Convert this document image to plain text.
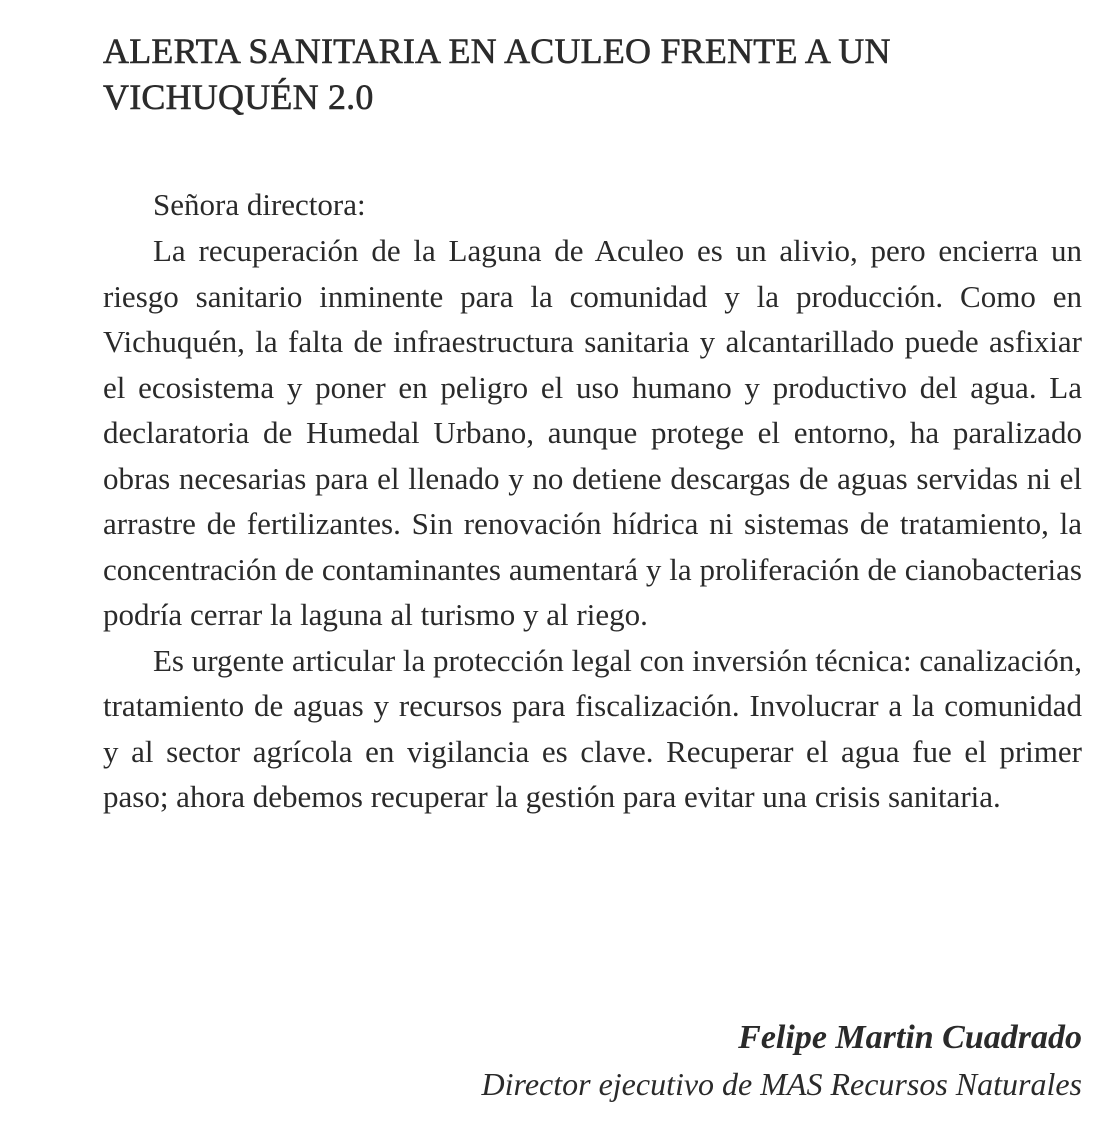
ALERTA SANITARIA EN ACULEO FRENTE A UN
VICHUQUÉN 2.0

Señora directora:

La recuperación de la Laguna de Aculeo es un alivio, pero encierra un riesgo sanitario inminente para la comunidad y la producción. Como en Vichuquén, la falta de infraestructura sanitaria y alcantarillado puede asfixiar el ecosistema y poner en peligro el uso humano y productivo del agua. La declaratoria de Humedal Urbano, aunque protege el entorno, ha paralizado obras necesarias para el llenado y no detiene descargas de aguas servidas ni el arrastre de fertilizantes. Sin renovación hídrica ni sistemas de tratamiento, la concentración de contaminantes aumentará y la proliferación de cianobacterias podría cerrar la laguna al turismo y al riego.

Es urgente articular la protección legal con inversión técnica: canalización, tratamiento de aguas y recursos para fiscalización. Involucrar a la comunidad y al sector agrícola en vigilancia es clave. Recuperar el agua fue el primer paso; ahora debemos recuperar la gestión para evitar una crisis sanitaria.

Felipe Martin Cuadrado
Director ejecutivo de MAS Recursos Naturales
